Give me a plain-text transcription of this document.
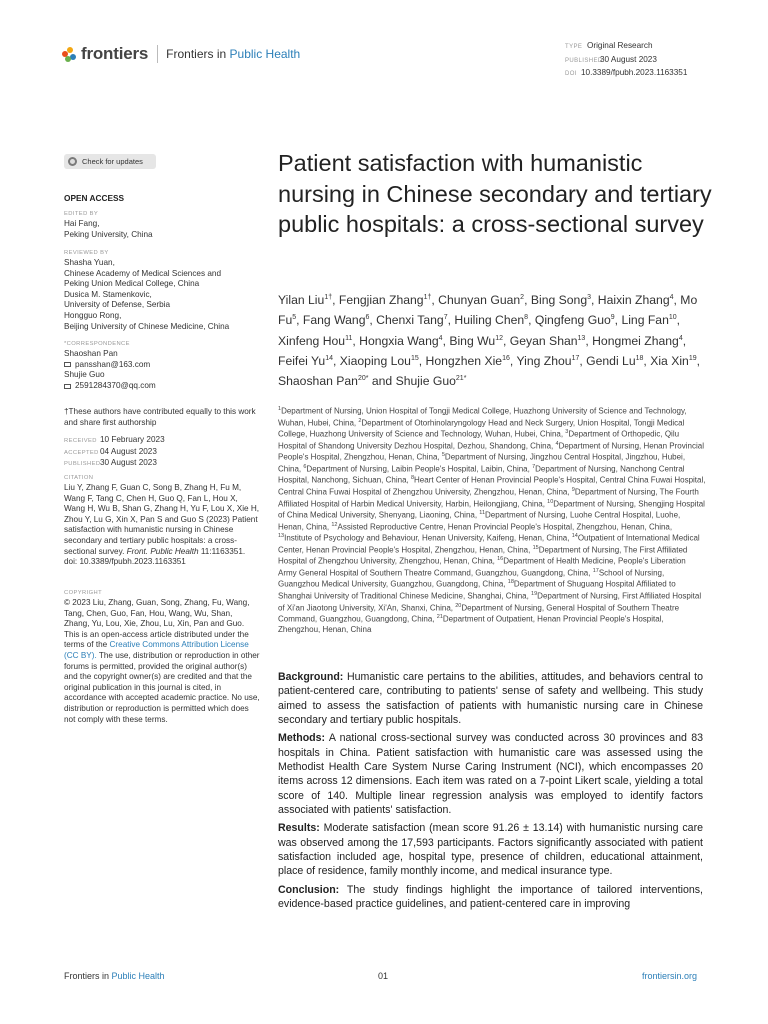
frontiers Frontiers in Public Health	TYPE Original Research
PUBLISHED30 August 2023
DOI 10.3389/fpubh.2023.1163351
Check for updates
OPEN ACCESS
EDITED BY
Hai Fang,
Peking University, China
REVIEWED BY
Shasha Yuan,
Chinese Academy of Medical Sciences and
Peking Union Medical College, China
Dusica M. Stamenkovic,
University of Defense, Serbia
Hongguo Rong,
Beijing University of Chinese Medicine, China
*CORRESPONDENCE
Shaoshan Pan
pansshan@163.com
Shujie Guo
2591284370@qq.com
†These authors have contributed equally to this work and share first authorship
RECEIVED 10 February 2023
ACCEPTED04 August 2023
PUBLISHED30 August 2023
CITATION
Liu Y, Zhang F, Guan C, Song B, Zhang H, Fu M, Wang F, Tang C, Chen H, Guo Q, Fan L, Hou X, Wang H, Wu B, Shan G, Zhang H, Yu F, Lou X, Xie H, Zhou Y, Lu G, Xin X, Pan S and Guo S (2023) Patient satisfaction with humanistic nursing in Chinese secondary and tertiary public hospitals: a cross-sectional survey. Front. Public Health 11:1163351.
doi: 10.3389/fpubh.2023.1163351
COPYRIGHT
© 2023 Liu, Zhang, Guan, Song, Zhang, Fu, Wang, Tang, Chen, Guo, Fan, Hou, Wang, Wu, Shan, Zhang, Yu, Lou, Xie, Zhou, Lu, Xin, Pan and Guo. This is an open-access article distributed under the terms of the Creative Commons Attribution License (CC BY). The use, distribution or reproduction in other forums is permitted, provided the original author(s) and the copyright owner(s) are credited and that the original publication in this journal is cited, in accordance with accepted academic practice. No use, distribution or reproduction is permitted which does not comply with these terms.
Patient satisfaction with humanistic nursing in Chinese secondary and tertiary public hospitals: a cross-sectional survey
Yilan Liu$^{1\dagger}$, Fengjian Zhang$^{1\dagger}$, Chunyan Guan$^2$, Bing Song$^3$, Haixin Zhang$^4$, Mo Fu$^5$, Fang Wang$^6$, Chenxi Tang$^7$, Huiling Chen$^8$, Qingfeng Guo$^9$, Ling Fan$^{10}$, Xinfeng Hou$^{11}$, Hongxia Wang$^4$, Bing Wu$^{12}$, Geyan Shan$^{13}$, Hongmei Zhang$^4$, Feifei Yu$^{14}$, Xiaoping Lou$^{15}$, Hongzhen Xie$^{16}$, Ying Zhou$^{17}$, Gendi Lu$^{18}$, Xia Xin$^{19}$, Shaoshan Pan$^{20*}$ and Shujie Guo$^{21*}$
$^1$Department of Nursing, Union Hospital of Tongji Medical College, Huazhong University of Science and Technology, Wuhan, Hubei, China, $^2$Department of Otorhinolaryngology Head and Neck Surgery, Union Hospital, Tongji Medical College, Huazhong University of Science and Technology, Wuhan, Hubei, China, $^3$Department of Orthopedic, Qilu Hospital of Shandong University Dezhou Hospital, Dezhou, Shandong, China, $^4$Department of Nursing, Henan Provincial People's Hospital, Zhengzhou, Henan, China, $^5$Department of Nursing, Jingzhou Central Hospital, Jingzhou, Hubei, China, $^6$Department of Nursing, Laibin People's Hospital, Laibin, China, $^7$Department of Nursing, Nanchong Central Hospital, Nanchong, Sichuan, China, $^8$Heart Center of Henan Provincial People's Hospital, Central China Fuwai Hospital, Central China Fuwai Hospital of Zhengzhou University, Zhengzhou, Henan, China, $^9$Department of Nursing, The Fourth Affiliated Hospital of Harbin Medical University, Harbin, Heilongjiang, China, $^{10}$Department of Nursing, Shengjing Hospital of China Medical University, Shenyang, Liaoning, China, $^{11}$Department of Nursing, Luohe Central Hospital, Luohe, Henan, China, $^{12}$Assisted Reproductive Centre, Henan Provincial People's Hospital, Zhengzhou, Henan, China, $^{13}$Institute of Psychology and Behaviour, Henan University, Kaifeng, Henan, China, $^{14}$Outpatient of International Medical Center, Henan Provincial People's Hospital, Zhengzhou, Henan, China, $^{15}$Department of Nursing, The First Affiliated Hospital of Zhengzhou University, Zhengzhou, Henan, China, $^{16}$Department of Health Medicine, People's Liberation Army General Hospital of Southern Theatre Command, Guangzhou, Guangdong, China, $^{17}$School of Nursing, Guangzhou Medical University, Guangzhou, Guangdong, China, $^{18}$Department of Shuguang Hospital Affiliated to Shanghai University of Traditional Chinese Medicine, Shanghai, China, $^{19}$Department of Nursing, First Affiliated Hospital of Xi'an Jiaotong University, Xi'An, Shanxi, China, $^{20}$Department of Nursing, General Hospital of Southern Theatre Command, Guangzhou, Guangdong, China, $^{21}$Department of Outpatient, Henan Provincial People's Hospital, Zhengzhou, Henan, China

Background: Humanistic care pertains to the abilities, attitudes, and behaviors central to patient-centered care, contributing to patients' sense of safety and wellbeing. This study aimed to assess the satisfaction of patients with humanistic nursing care in Chinese secondary and tertiary public hospitals.

Methods: A national cross-sectional survey was conducted across 30 provinces and 83 hospitals in China. Patient satisfaction with humanistic care was assessed using the Methodist Health Care System Nurse Caring Instrument (NCI), which encompasses 20 items across 12 dimensions. Each item was rated on a 7-point Likert scale, yielding a total score of 140. Multiple linear regression analysis was employed to identify factors associated with patients' satisfaction.

Results: Moderate satisfaction (mean score 91.26 ± 13.14) with humanistic nursing care was observed among the 17,593 participants. Factors significantly associated with patient satisfaction included age, hospital type, presence of children, educational attainment, place of residence, family monthly income, and medical insurance type.

Conclusion: The study findings highlight the importance of tailored interventions, evidence-based practice guidelines, and patient-centered care in improving

Frontiers in Public Health	01	frontiersin.org
